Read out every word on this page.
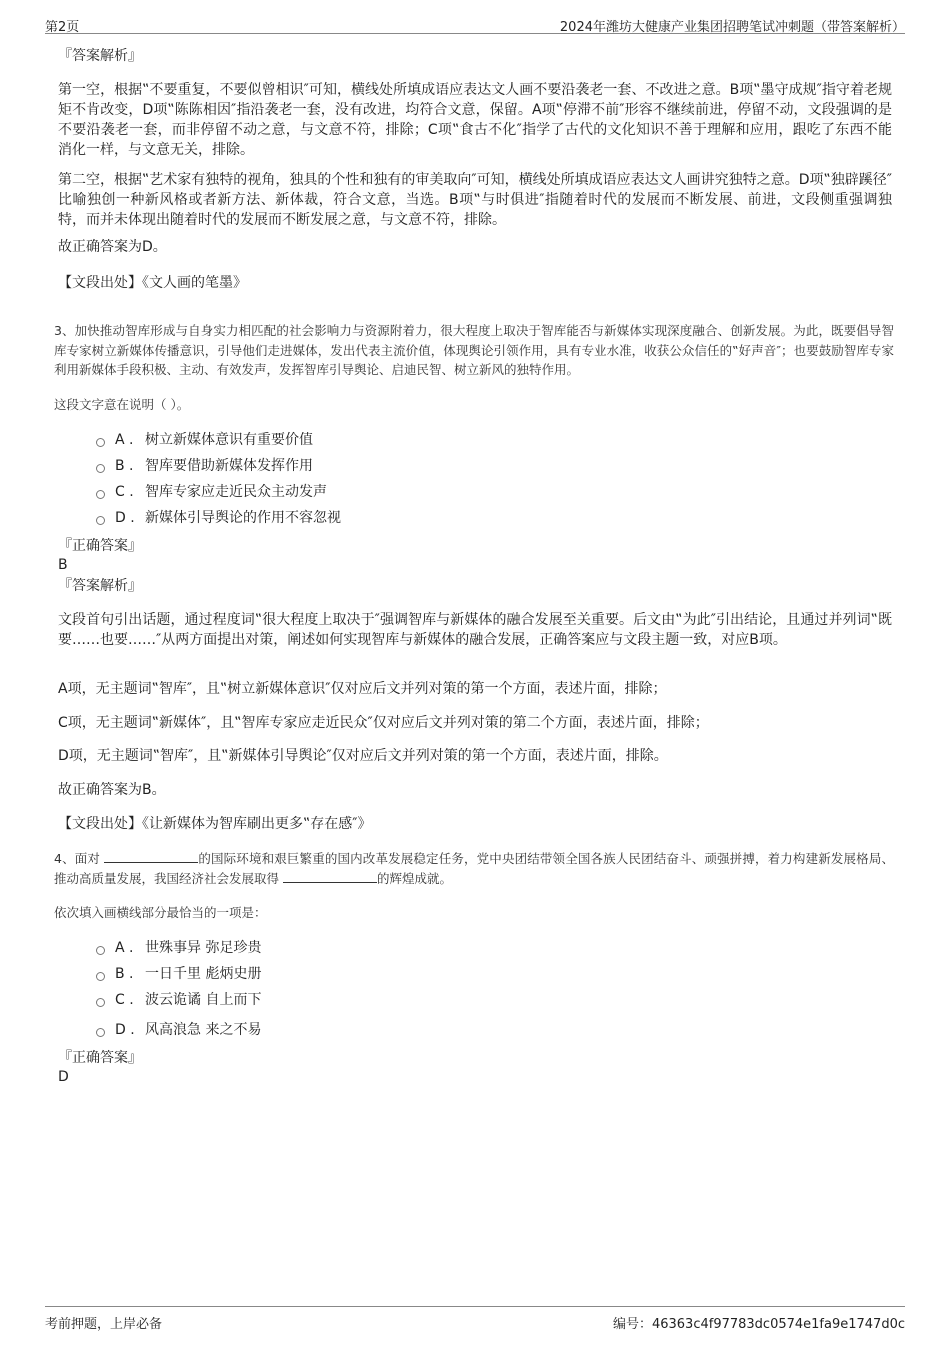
第2页	2024年潍坊大健康产业集团招聘笔试冲刺题（带答案解析）

『答案解析』

第一空，根据‟不要重复，不要似曾相识″可知，横线处所填成语应表达文人画不要沿袭老一套、不改进之意。B项‟墨守成规″指守着老规矩不肯改变，D项‟陈陈相因″指沿袭老一套，没有改进，均符合文意，保留。A项‟停滞不前″形容不继续前进，停留不动，文段强调的是不要沿袭老一套，而非停留不动之意，与文意不符，排除；C项‟食古不化″指学了古代的文化知识不善于理解和应用，跟吃了东西不能消化一样，与文意无关，排除。

第二空，根据‟艺术家有独特的视角，独具的个性和独有的审美取向″可知，横线处所填成语应表达文人画讲究独特之意。D项‟独辟蹊径″比喻独创一种新风格或者新方法、新体裁，符合文意，当选。B项‟与时俱进″指随着时代的发展而不断发展、前进，文段侧重强调独特，而并未体现出随着时代的发展而不断发展之意，与文意不符，排除。

故正确答案为D。

【文段出处】《文人画的笔墨》

3、加快推动智库形成与自身实力相匹配的社会影响力与资源附着力，很大程度上取决于智库能否与新媒体实现深度融合、创新发展。为此，既要倡导智库专家树立新媒体传播意识，引导他们走进媒体，发出代表主流价值，体现舆论引领作用，具有专业水准，收获公众信任的‟好声音″；也要鼓励智库专家利用新媒体手段积极、主动、有效发声，发挥智库引导舆论、启迪民智、树立新风的独特作用。

这段文字意在说明（ ）。

A . 树立新媒体意识有重要价值
B . 智库要借助新媒体发挥作用
C . 智库专家应走近民众主动发声
D . 新媒体引导舆论的作用不容忽视

『正确答案』

B

『答案解析』

文段首句引出话题，通过程度词‟很大程度上取决于″强调智库与新媒体的融合发展至关重要。后文由‟为此″引出结论，且通过并列词‟既要……也要……″从两方面提出对策，阐述如何实现智库与新媒体的融合发展，正确答案应与文段主题一致，对应B项。

A项，无主题词‟智库″，且‟树立新媒体意识″仅对应后文并列对策的第一个方面，表述片面，排除；

C项，无主题词‟新媒体″，且‟智库专家应走近民众″仅对应后文并列对策的第二个方面，表述片面，排除；

D项，无主题词‟智库″，且‟新媒体引导舆论″仅对应后文并列对策的第一个方面，表述片面，排除。

故正确答案为B。

【文段出处】《让新媒体为智库刷出更多‟存在感″》

4、面对	的国际环境和艰巨繁重的国内改革发展稳定任务，党中央团结带领全国各族人民团结奋斗、顽强拼搏，着力构建新发展格局、推动高质量发展，我国经济社会发展取得	的辉煌成就。

依次填入画横线部分最恰当的一项是：

A . 世殊事异 弥足珍贵
B . 一日千里 彪炳史册
C . 波云诡谲 自上而下
D . 风高浪急 来之不易

『正确答案』

D

考前押题，上岸必备	编号：46363c4f97783dc0574e1fa9e1747d0c
